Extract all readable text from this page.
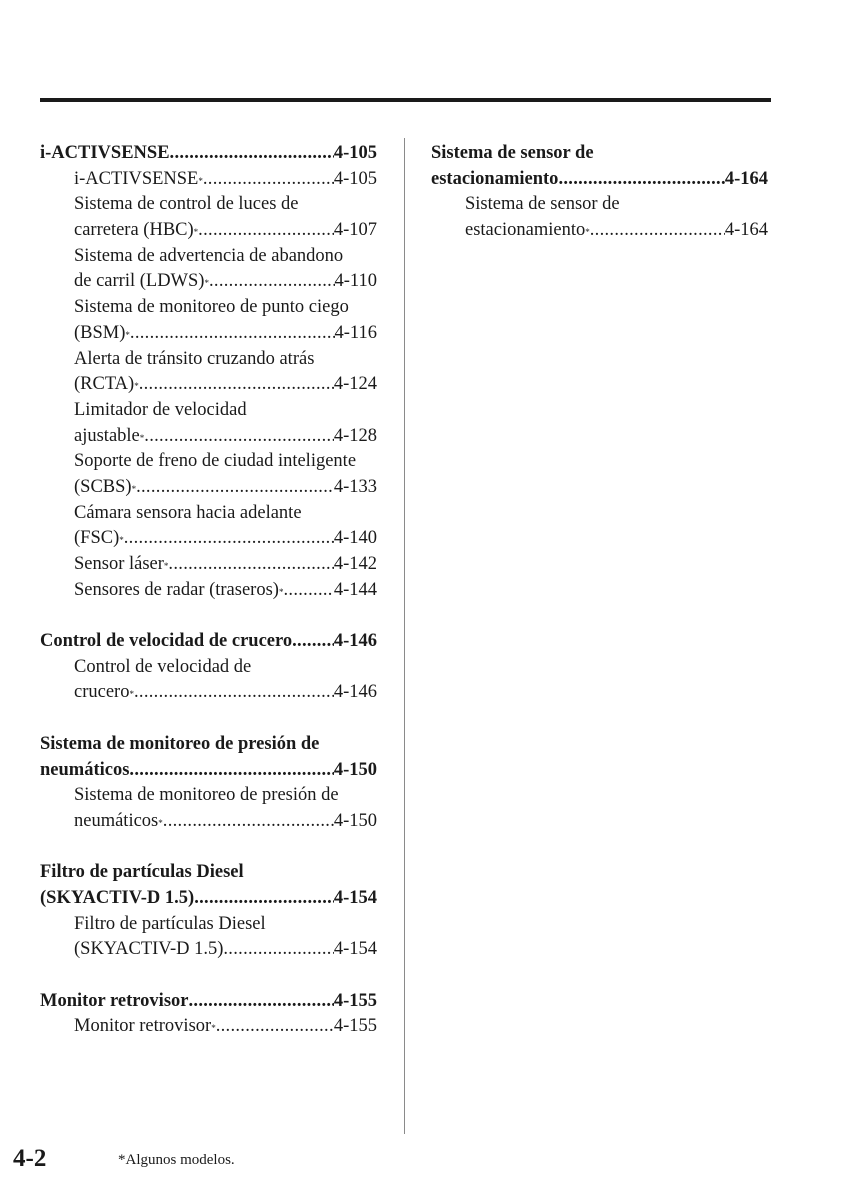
i-ACTIVSENSE .....	4-105
i-ACTIVSENSE * .....	4-105
Sistema de control de luces de
carretera (HBC) * .....	4-107
Sistema de advertencia de abandono
de carril (LDWS) * .....	4-110
Sistema de monitoreo de punto ciego
(BSM) * .....	4-116
Alerta de tránsito cruzando atrás
(RCTA) * .....	4-124
Limitador de velocidad
ajustable * .....	4-128
Soporte de freno de ciudad inteligente
(SCBS) * .....	4-133
Cámara sensora hacia adelante
(FSC) * .....	4-140
Sensor láser * .....	4-142
Sensores de radar (traseros) * .....	4-144
Control de velocidad de crucero ..... 4-146
Control de velocidad de
crucero * .....	4-146
Sistema de monitoreo de presión de
neumáticos .....	4-150
Sistema de monitoreo de presión de
neumáticos * .....	4-150
Filtro de partículas Diesel
(SKYACTIV-D 1.5) .....	4-154
Filtro de partículas Diesel
(SKYACTIV-D 1.5) .....	4-154
Monitor retrovisor .....	4-155
Monitor retrovisor * .....	4-155
Sistema de sensor de
estacionamiento .....	4-164
Sistema de sensor de
estacionamiento * .....	4-164
4-2	*Algunos modelos.
